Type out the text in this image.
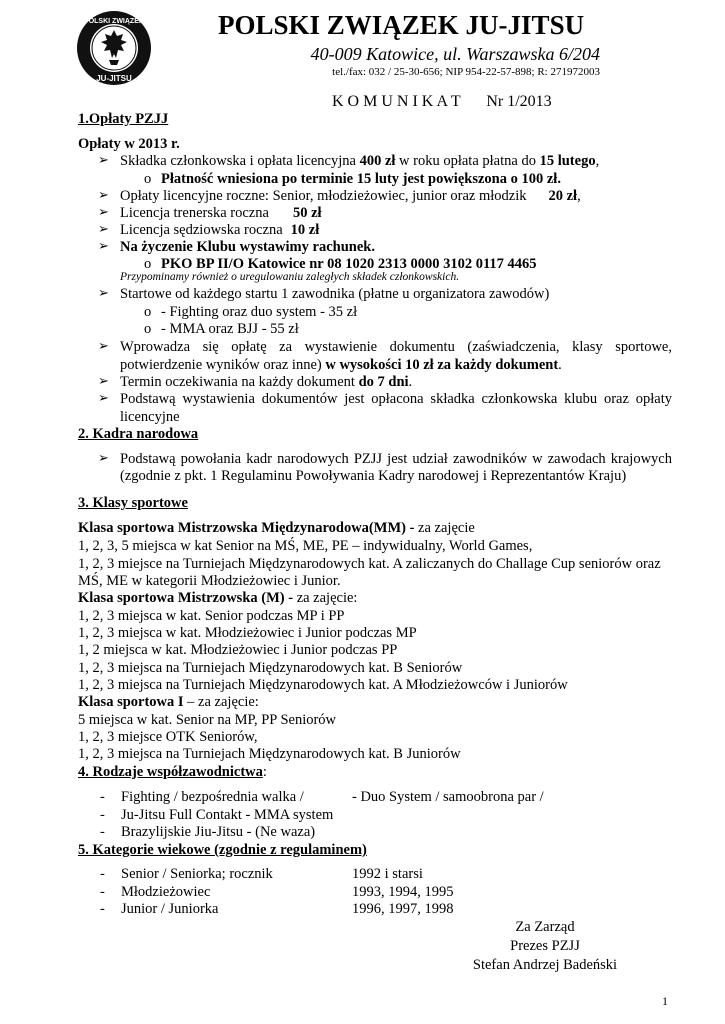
POLSKI ZWIĄZEK
JU-JITSU
POLSKI ZWIĄZEK JU-JITSU
40-009 Katowice, ul. Warszawska 6/204
tel./fax: 032 / 25-30-656; NIP 954-22-57-898; R: 271972003
K O M U N I K A T Nr 1/2013
1.Opłaty PZJJ
Opłaty w 2013 r.
➢ Składka członkowska i opłata licencyjna 400 zł w roku opłata płatna do 15 lutego,
o Płatność wniesiona po terminie 15 luty jest powiększona o 100 zł.
➢ Opłaty licencyjne roczne: Senior, młodzieżowiec, junior oraz młodzik 20 zł,
➢ Licencja trenerska roczna 50 zł
➢ Licencja sędziowska roczna 10 zł
➢ Na życzenie Klubu wystawimy rachunek.
o PKO BP II/O Katowice nr 08 1020 2313 0000 3102 0117 4465
Przypominamy również o uregulowaniu zaległych składek członkowskich.
➢ Startowe od każdego startu 1 zawodnika (płatne u organizatora zawodów)
o - Fighting oraz duo system - 35 zł
o - MMA oraz BJJ - 55 zł
➢ Wprowadza się opłatę za wystawienie dokumentu (zaświadczenia, klasy sportowe,
potwierdzenie wyników oraz inne) w wysokości 10 zł za każdy dokument.
➢ Termin oczekiwania na każdy dokument do 7 dni.
➢ Podstawą wystawienia dokumentów jest opłacona składka członkowska klubu oraz opłaty
licencyjne
2. Kadra narodowa
➢ Podstawą powołania kadr narodowych PZJJ jest udział zawodników w zawodach krajowych
(zgodnie z pkt. 1 Regulaminu Powoływania Kadry narodowej i Reprezentantów Kraju)
3. Klasy sportowe
Klasa sportowa Mistrzowska Międzynarodowa(MM) - za zajęcie
1, 2, 3, 5 miejsca w kat Senior na MŚ, ME, PE – indywidualny, World Games,
1, 2, 3 miejsce na Turniejach Międzynarodowych kat. A zaliczanych do Challage Cup seniorów oraz
MŚ, ME w kategorii Młodzieżowiec i Junior.
Klasa sportowa Mistrzowska (M) - za zajęcie:
1, 2, 3 miejsca w kat. Senior podczas MP i PP
1, 2, 3 miejsca w kat. Młodzieżowiec i Junior podczas MP
1, 2 miejsca w kat. Młodzieżowiec i Junior podczas PP
1, 2, 3 miejsca na Turniejach Międzynarodowych kat. B Seniorów
1, 2, 3 miejsca na Turniejach Międzynarodowych kat. A Młodzieżowców i Juniorów
Klasa sportowa I – za zajęcie:
5 miejsca w kat. Senior na MP, PP Seniorów
1, 2, 3 miejsce OTK Seniorów,
1, 2, 3 miejsca na Turniejach Międzynarodowych kat. B Juniorów
4. Rodzaje współzawodnictwa:
- Fighting / bezpośrednia walka /	- Duo System / samoobrona par /
- Ju-Jitsu Full Contakt - MMA system
- Brazylijskie Jiu-Jitsu - (Ne waza)
5. Kategorie wiekowe (zgodnie z regulaminem)
- Senior / Seniorka; rocznik	1992 i starsi
- Młodzieżowiec	1993, 1994, 1995
- Junior / Juniorka	1996, 1997, 1998
Za Zarząd
Prezes PZJJ
Stefan Andrzej Badeński
1
